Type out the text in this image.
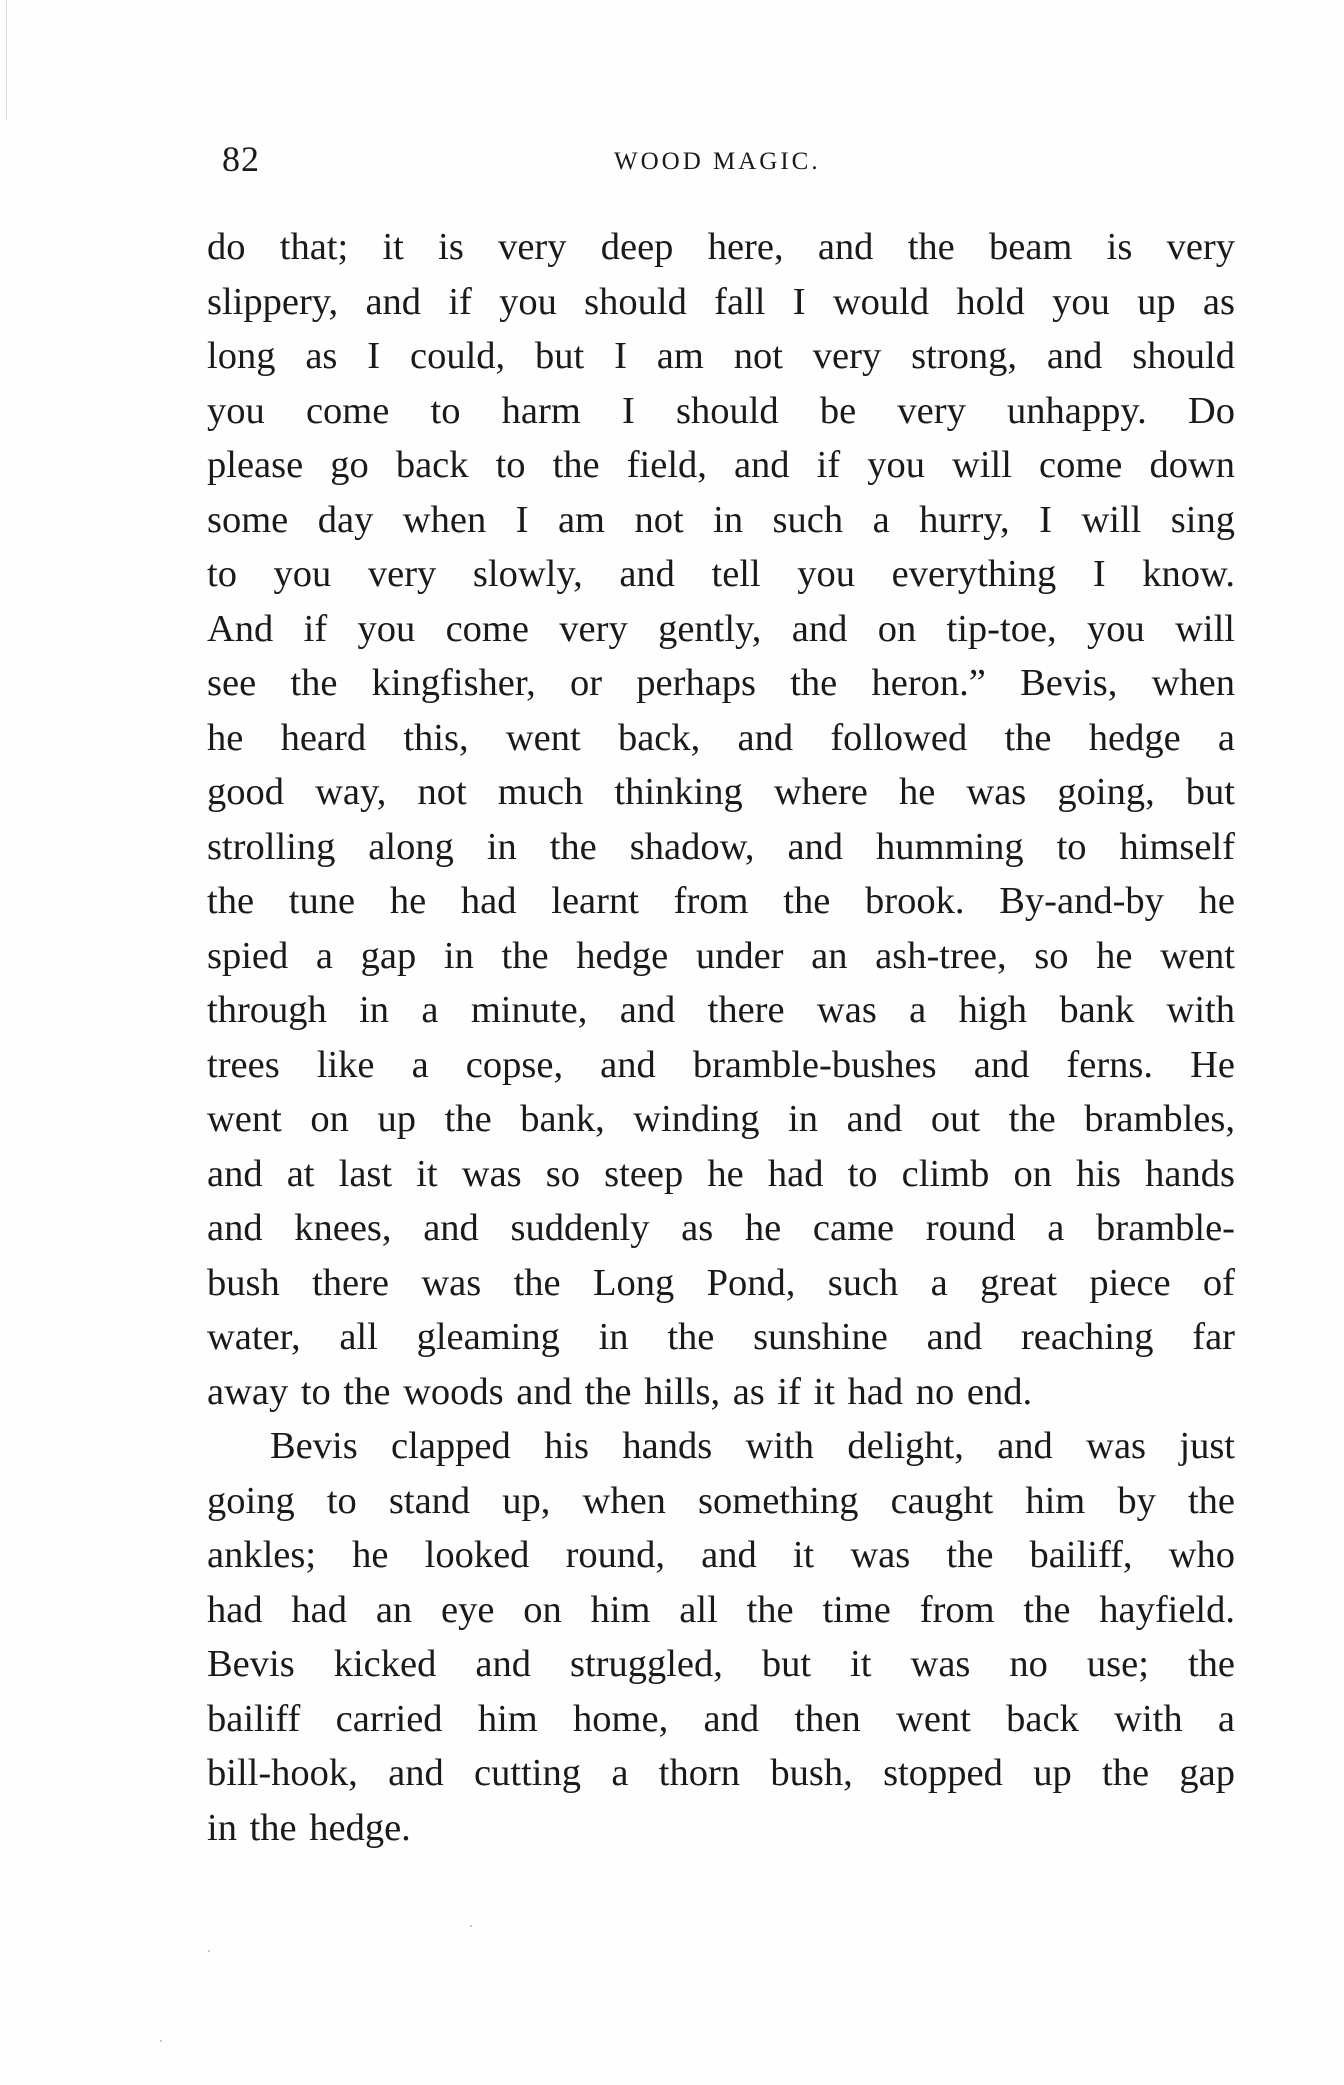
82	WOOD MAGIC.
do that; it is very deep here, and the beam is very
slippery, and if you should fall I would hold you up as
long as I could, but I am not very strong, and should
you come to harm I should be very unhappy. Do
please go back to the field, and if you will come down
some day when I am not in such a hurry, I will sing
to you very slowly, and tell you everything I know.
And if you come very gently, and on tip-toe, you will
see the kingfisher, or perhaps the heron.” Bevis, when
he heard this, went back, and followed the hedge a
good way, not much thinking where he was going, but
strolling along in the shadow, and humming to himself
the tune he had learnt from the brook. By-and-by he
spied a gap in the hedge under an ash-tree, so he went
through in a minute, and there was a high bank with
trees like a copse, and bramble-bushes and ferns. He
went on up the bank, winding in and out the brambles,
and at last it was so steep he had to climb on his hands
and knees, and suddenly as he came round a bramble-
bush there was the Long Pond, such a great piece of
water, all gleaming in the sunshine and reaching far
away to the woods and the hills, as if it had no end.
Bevis clapped his hands with delight, and was just
going to stand up, when something caught him by the
ankles; he looked round, and it was the bailiff, who
had had an eye on him all the time from the hayfield.
Bevis kicked and struggled, but it was no use; the
bailiff carried him home, and then went back with a
bill-hook, and cutting a thorn bush, stopped up the gap
in the hedge.
